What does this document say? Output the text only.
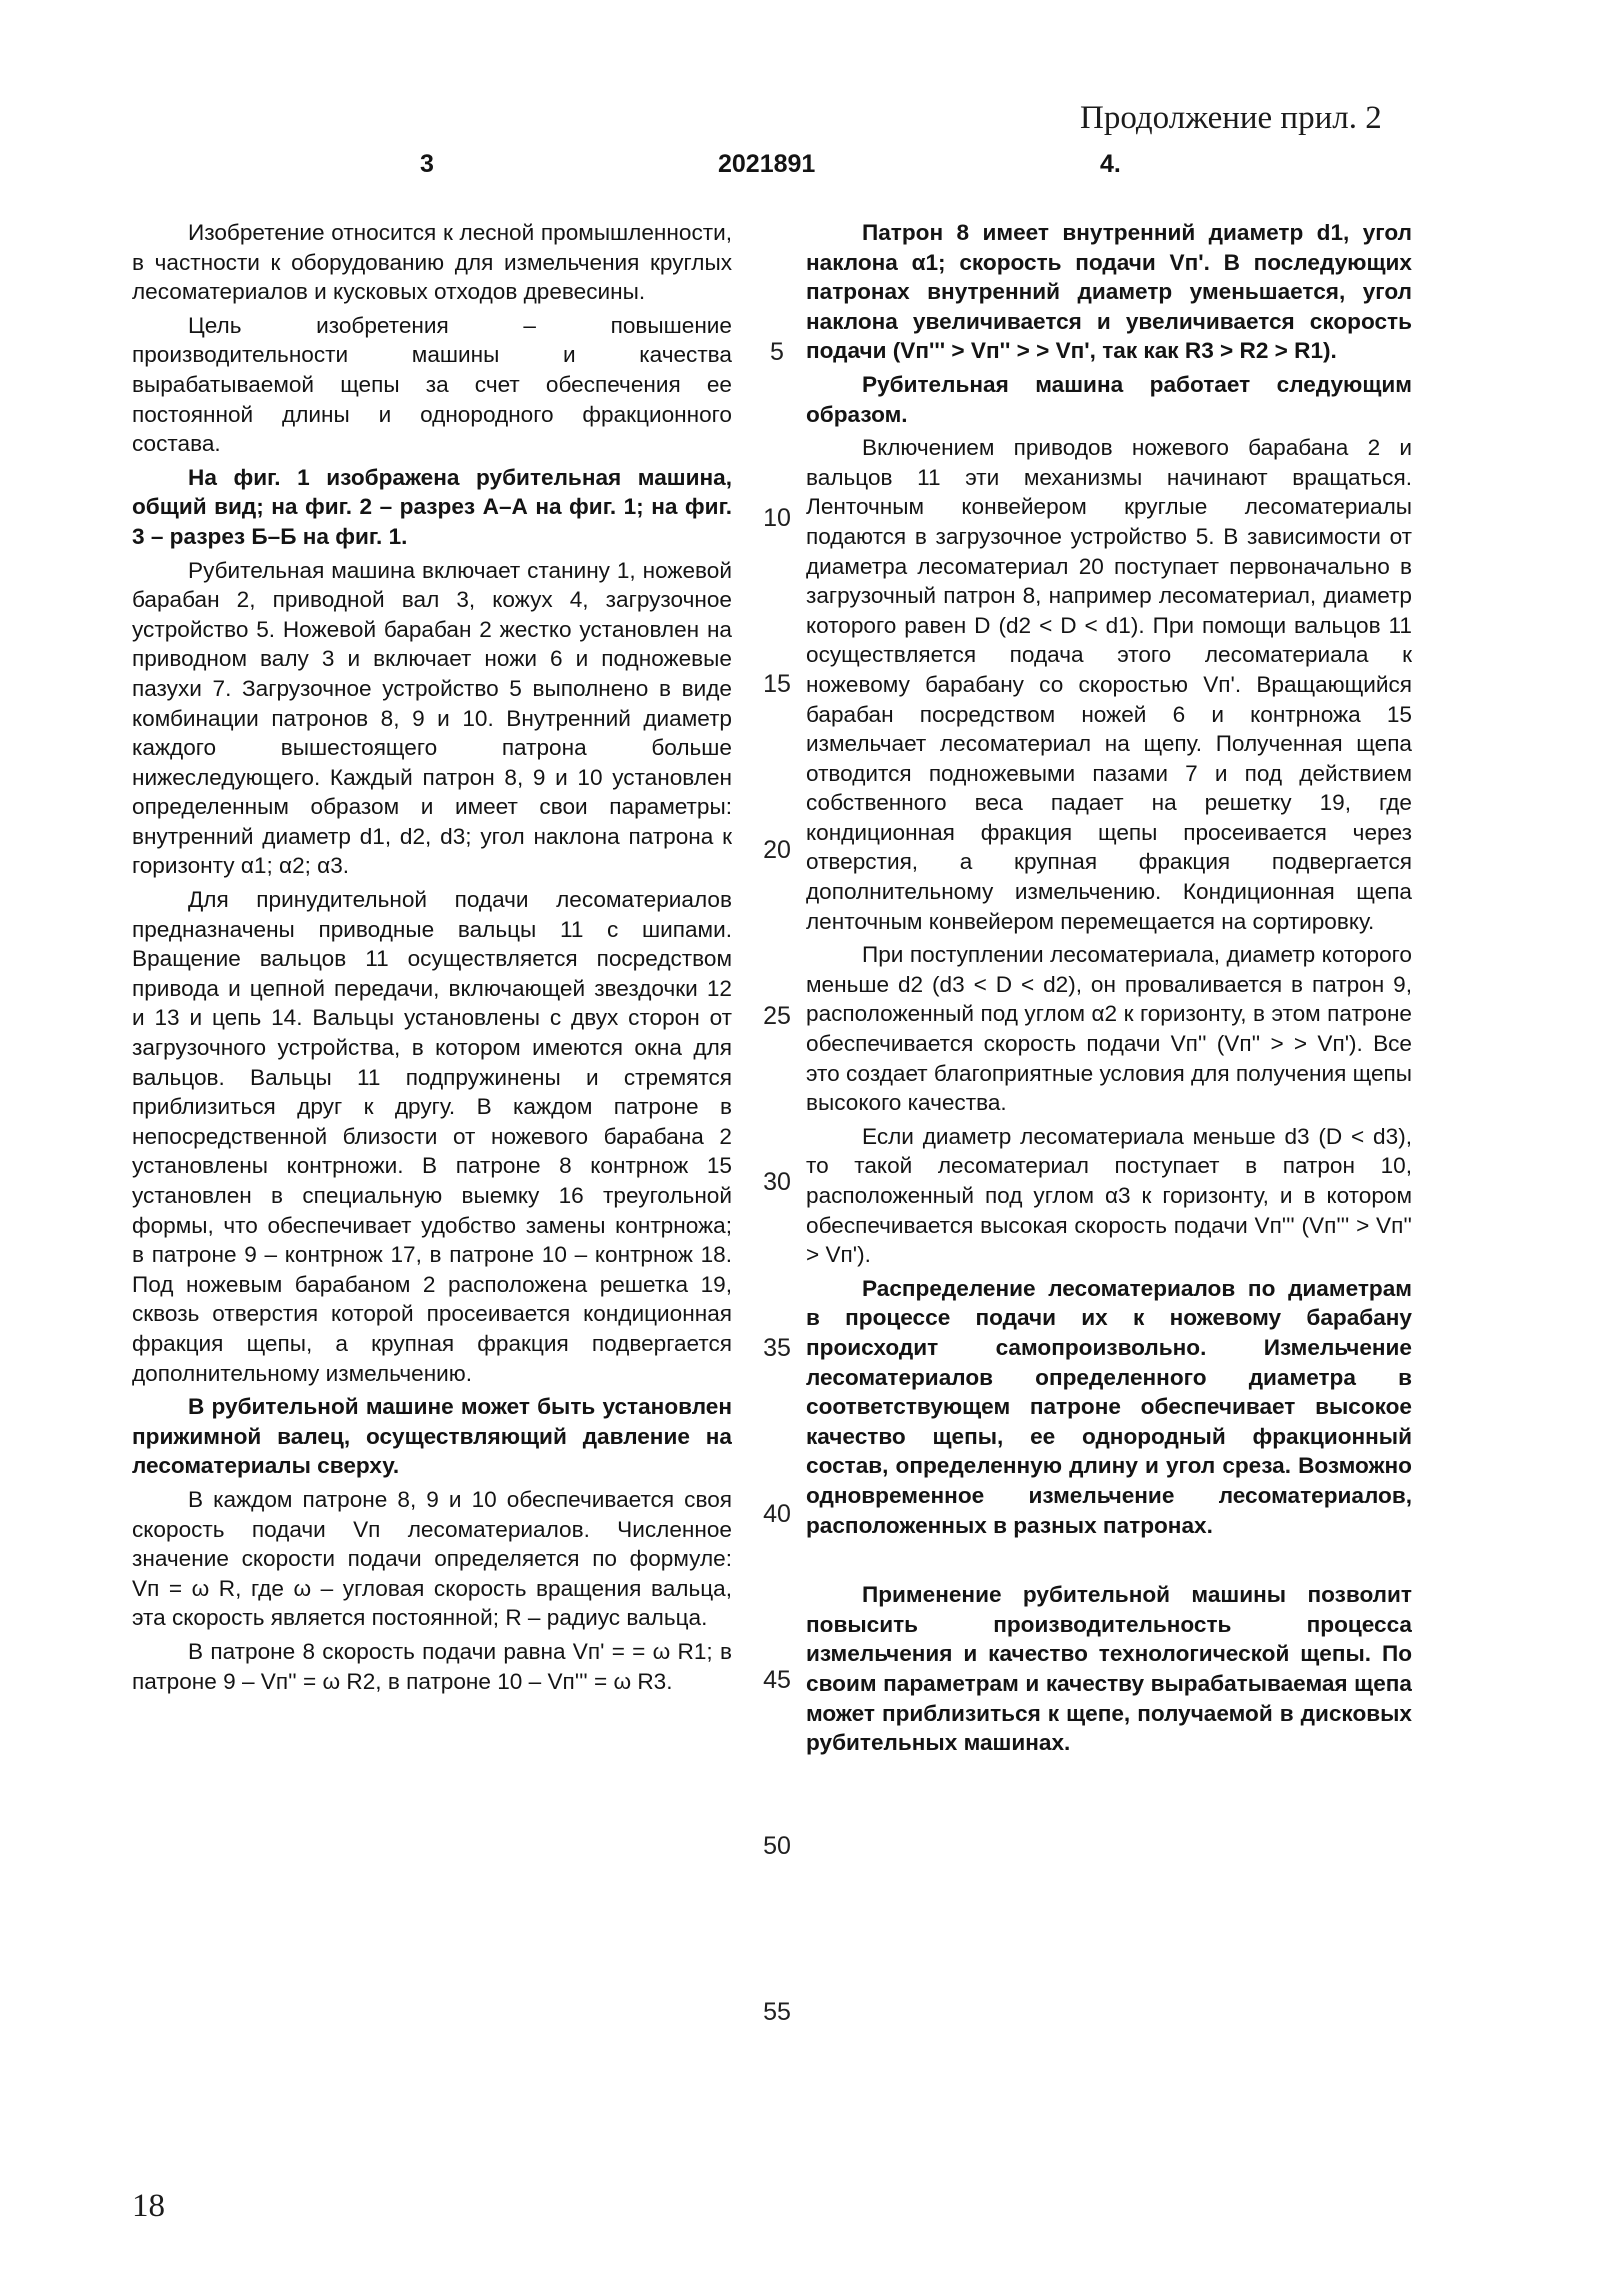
Продолжение прил. 2
3	2021891	4.

Изобретение относится к лесной промышленности, в частности к оборудованию для измельчения круглых лесоматериалов и кусковых отходов древесины.

Цель изобретения – повышение производительности машины и качества вырабатываемой щепы за счет обеспечения ее постоянной длины и однородного фракционного состава.

На фиг. 1 изображена рубительная машина, общий вид; на фиг. 2 – разрез А–А на фиг. 1; на фиг. 3 – разрез Б–Б на фиг. 1.

Рубительная машина включает станину 1, ножевой барабан 2, приводной вал 3, кожух 4, загрузочное устройство 5. Ножевой барабан 2 жестко установлен на приводном валу 3 и включает ножи 6 и подножевые пазухи 7. Загрузочное устройство 5 выполнено в виде комбинации патронов 8, 9 и 10. Внутренний диаметр каждого вышестоящего патрона больше нижеследующего. Каждый патрон 8, 9 и 10 установлен определенным образом и имеет свои параметры: внутренний диаметр d1, d2, d3; угол наклона патрона к горизонту α1; α2; α3.

Для принудительной подачи лесоматериалов предназначены приводные вальцы 11 с шипами. Вращение вальцов 11 осуществляется посредством привода и цепной передачи, включающей звездочки 12 и 13 и цепь 14. Вальцы установлены с двух сторон от загрузочного устройства, в котором имеются окна для вальцов. Вальцы 11 подпружинены и стремятся приблизиться друг к другу. В каждом патроне в непосредственной близости от ножевого барабана 2 установлены контрножи. В патроне 8 контрнож 15 установлен в специальную выемку 16 треугольной формы, что обеспечивает удобство замены контрножа; в патроне 9 – контрнож 17, в патроне 10 – контрнож 18. Под ножевым барабаном 2 расположена решетка 19, сквозь отверстия которой просеивается кондиционная фракция щепы, а крупная фракция подвергается дополнительному измельчению.

В рубительной машине может быть установлен прижимной валец, осуществляющий давление на лесоматериалы сверху.

В каждом патроне 8, 9 и 10 обеспечивается своя скорость подачи Vп лесоматериалов. Численное значение скорости подачи определяется по формуле: Vп = ω R, где ω – угловая скорость вращения вальца, эта скорость является постоянной; R – радиус вальца.

В патроне 8 скорость подачи равна Vп' = = ω R1; в патроне 9 – Vп'' = ω R2, в патроне 10 – Vп''' = ω R3.

5
10
15
20
25
30
35
40
45
50
55

Патрон 8 имеет внутренний диаметр d1, угол наклона α1; скорость подачи Vп'. В последующих патронах внутренний диаметр уменьшается, угол наклона увеличивается и увеличивается скорость подачи (Vп''' > Vп'' > > Vп', так как R3 > R2 > R1).

Рубительная машина работает следующим образом.

Включением приводов ножевого барабана 2 и вальцов 11 эти механизмы начинают вращаться. Ленточным конвейером круглые лесоматериалы подаются в загрузочное устройство 5. В зависимости от диаметра лесоматериал 20 поступает первоначально в загрузочный патрон 8, например лесоматериал, диаметр которого равен D (d2 < D < d1). При помощи вальцов 11 осуществляется подача этого лесоматериала к ножевому барабану со скоростью Vп'. Вращающийся барабан посредством ножей 6 и контрножа 15 измельчает лесоматериал на щепу. Полученная щепа отводится подножевыми пазами 7 и под действием собственного веса падает на решетку 19, где кондиционная фракция щепы просеивается через отверстия, а крупная фракция подвергается дополнительному измельчению. Кондиционная щепа ленточным конвейером перемещается на сортировку.

При поступлении лесоматериала, диаметр которого меньше d2 (d3 < D < d2), он проваливается в патрон 9, расположенный под углом α2 к горизонту, в этом патроне обеспечивается скорость подачи Vп'' (Vп'' > > Vп'). Все это создает благоприятные условия для получения щепы высокого качества.

Если диаметр лесоматериала меньше d3 (D < d3), то такой лесоматериал поступает в патрон 10, расположенный под углом α3 к горизонту, и в котором обеспечивается высокая скорость подачи Vп''' (Vп''' > Vп'' > Vп').

Распределение лесоматериалов по диаметрам в процессе подачи их к ножевому барабану происходит самопроизвольно. Измельчение лесоматериалов определенного диаметра в соответствующем патроне обеспечивает высокое качество щепы, ее однородный фракционный состав, определенную длину и угол среза. Возможно одновременное измельчение лесоматериалов, расположенных в разных патронах.

Применение рубительной машины позволит повысить производительность процесса измельчения и качество технологической щепы. По своим параметрам и качеству вырабатываемая щепа может приблизиться к щепе, получаемой в дисковых рубительных машинах.

18
